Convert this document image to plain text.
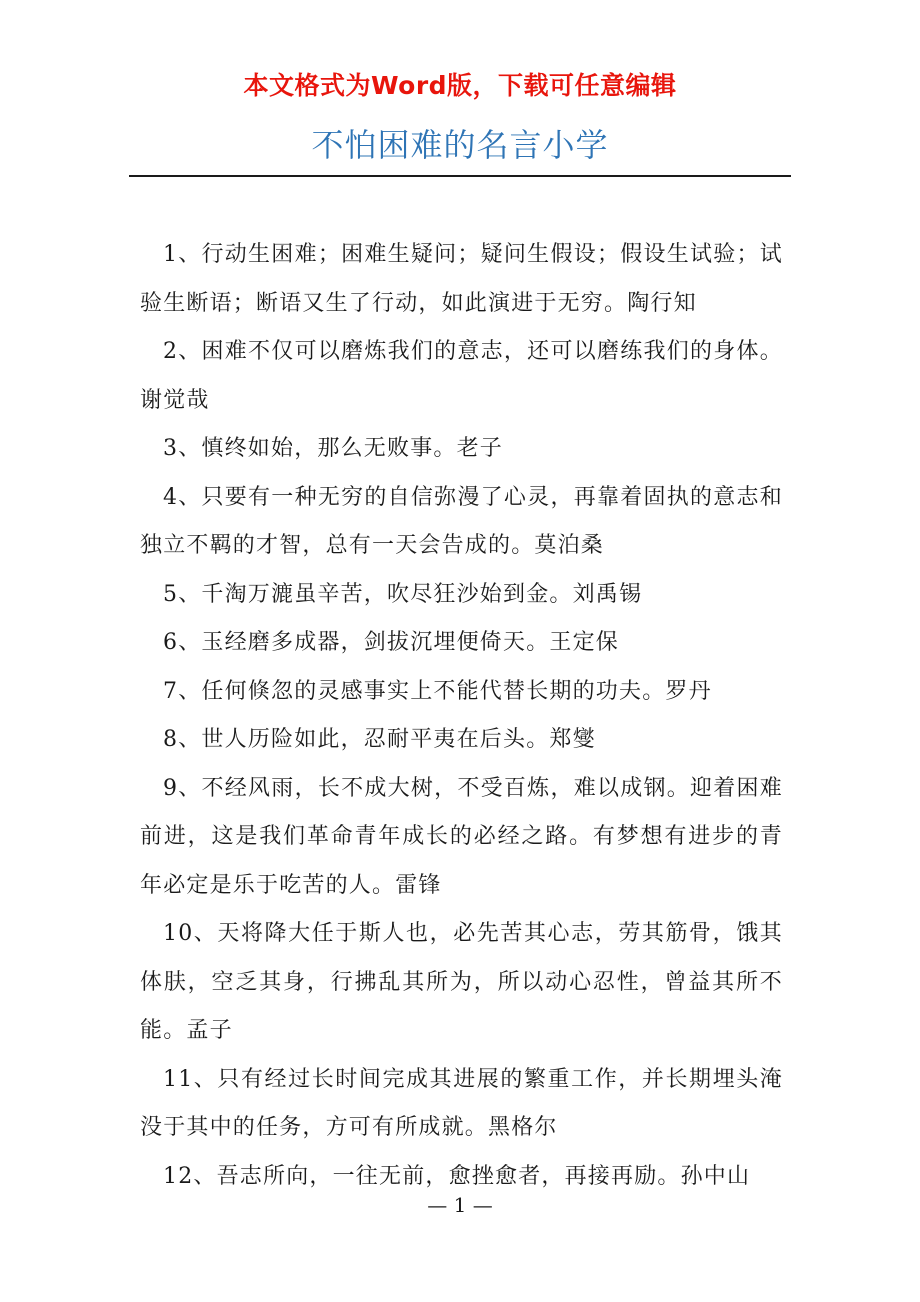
本文格式为Word版，下载可任意编辑
不怕困难的名言小学

1、行动生困难；困难生疑问；疑问生假设；假设生试验；试验生断语；断语又生了行动，如此演进于无穷。陶行知

2、困难不仅可以磨炼我们的意志，还可以磨练我们的身体。谢觉哉

3、慎终如始，那么无败事。老子

4、只要有一种无穷的自信弥漫了心灵，再靠着固执的意志和独立不羁的才智，总有一天会告成的。莫泊桑

5、千淘万漉虽辛苦，吹尽狂沙始到金。刘禹锡

6、玉经磨多成器，剑拔沉埋便倚天。王定保

7、任何倏忽的灵感事实上不能代替长期的功夫。罗丹

8、世人历险如此，忍耐平夷在后头。郑燮

9、不经风雨，长不成大树，不受百炼，难以成钢。迎着困难前进，这是我们革命青年成长的必经之路。有梦想有进步的青年必定是乐于吃苦的人。雷锋

10、天将降大任于斯人也，必先苦其心志，劳其筋骨，饿其体肤，空乏其身，行拂乱其所为，所以动心忍性，曾益其所不能。孟子

11、只有经过长时间完成其进展的繁重工作，并长期埋头淹没于其中的任务，方可有所成就。黑格尔

12、吾志所向，一往无前，愈挫愈者，再接再励。孙中山

— 1 —
